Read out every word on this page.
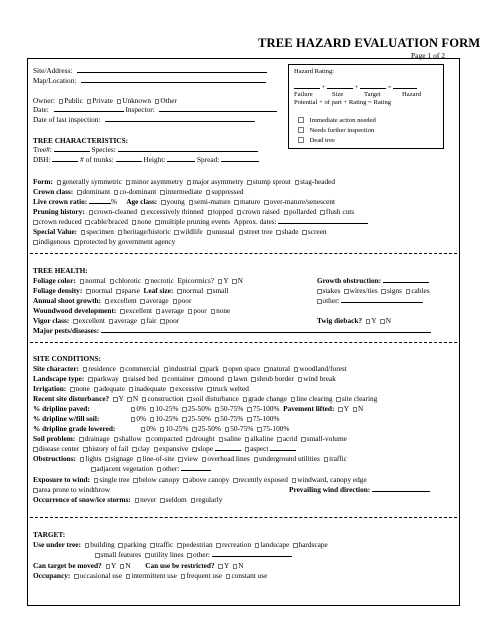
TREE HAZARD EVALUATION FORM
Page 1 of 2
Site/Address:
Map/Location:
Owner: Public Private Unknown Other
Date:	Inspector:
Date of last inspection:
Hazard Rating:
+	+	=
Failure	Size	Target	Hazard
Potential + of part + Rating = Rating
Immediate action needed
Needs further inspection
Dead tree
TREE CHARACTERISTICS:
Tree#:	Species:
DBH:	# of trunks:	Height:	Spread:
Form: generally symmetric minor asymmetry major asymmetry stump sprout stag-headed
Crown class: dominant co-dominant intermediate suppressed
Live crown ratio:	% Age class: young semi-mature mature over-mature/senescent
Pruning history: crown-cleaned excessively thinned topped crown raised pollarded flush cuts
crown reduced cable/braced none multiple pruning events Approx. dates:
Special Value: specimen heritage/historic wildlife unusual street tree shade screen
indigenous protected by government agency
TREE HEALTH:
Foliage color: normal chlorotic necrotic Epicormics? Y N	Growth obstruction:
Foliage density: normal sparse Leaf size: normal small	stakes wires/ties signs cables
Annual shoot growth: excellent average poor	other:
Woundwood development: excellent average poor none
Vigor class: excellent average fair poor	Twig dieback? Y N
Major pests/diseases:
SITE CONDITIONS:
Site character: residence commercial industrial park open space natural woodland/forest
Landscape type: parkway raised bed container mound lawn shrub border wind break
Irrigation: none adequate inadequate excessive truck welted
Recent site disturbance? Y N construction soil disturbance grade change line clearing site clearing
% dripline paved:	0% 10-25% 25-50% 50-75% 75-100% Pavement lifted: Y N
% dripline w/fill soil:	0% 10-25% 25-50% 50-75% 75-100%
% dripline grade lowered:	0% 10-25% 25-50% 50-75% 75-100%
Soil problem: drainage shallow compacted drought saline alkaline acrid small-volume
disease center history of fail clay expansive slope	aspect
Obstructions: lights signage line-of-site view overhead lines underground utilities traffic
adjacent vegetation other:
Exposure to wind: single tree below canopy above canopy recently exposed windward, canopy edge
area prone to windthrow	Prevailing wind direction:
Occurrence of snow/ice storms: never seldom regularly
TARGET:
Use under tree: building parking traffic pedestrian recreation landscape hardscape
small features utility lines other:
Can target be moved? Y N Can use be restricted? Y N
Occupancy: occasional use intermittent use frequent use constant use
